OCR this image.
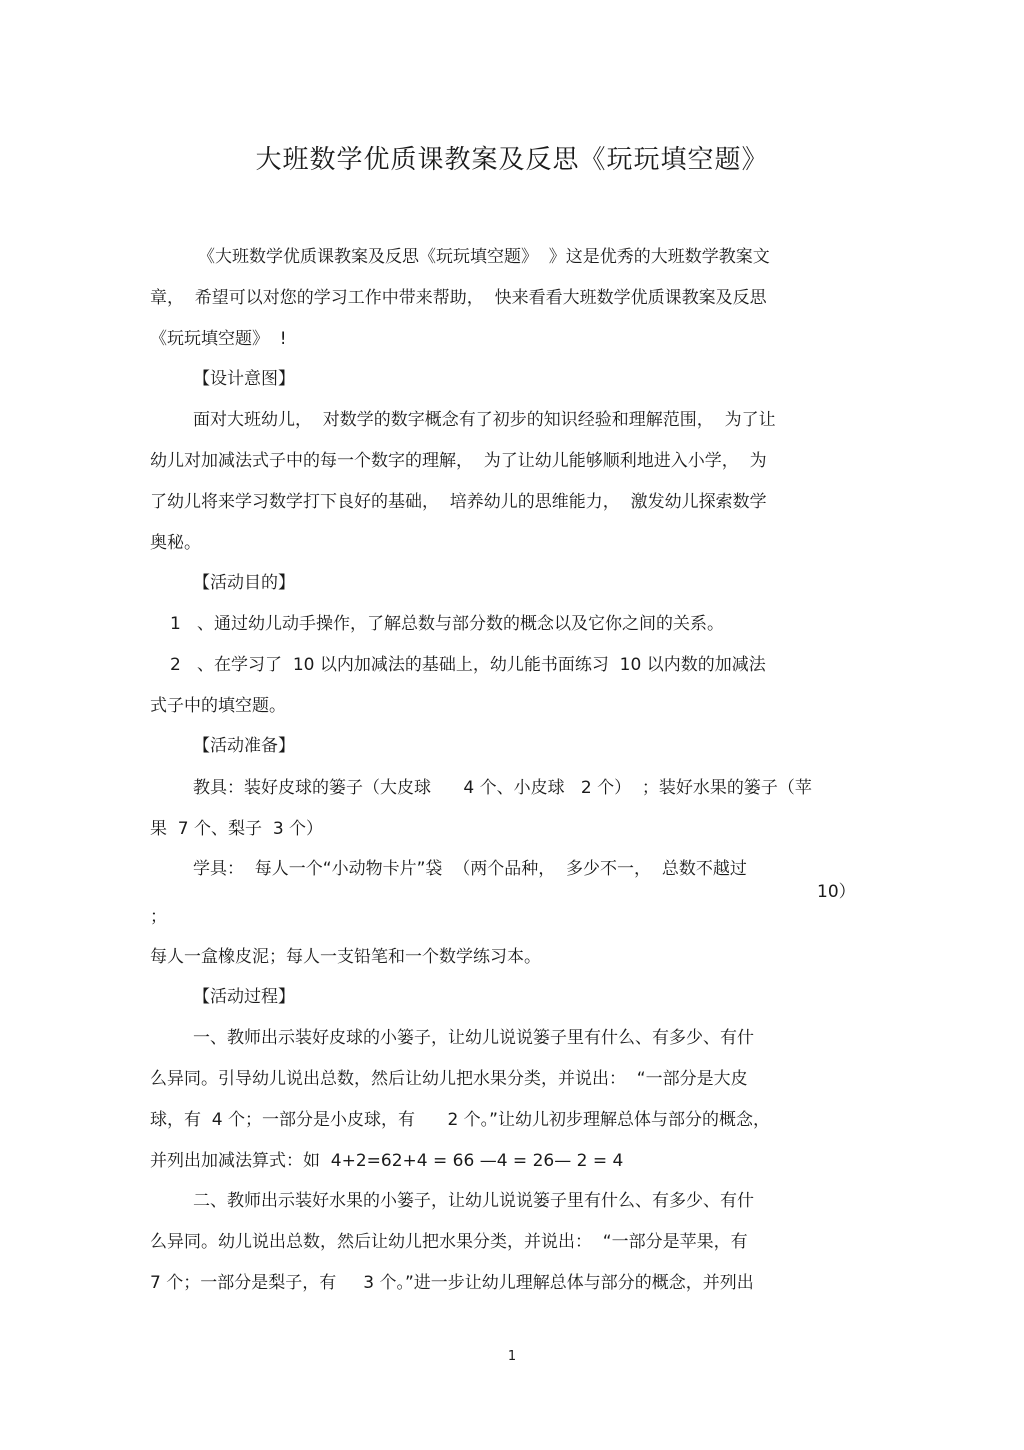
大班数学优质课教案及反思《玩玩填空题》
《大班数学优质课教案及反思《玩玩填空题》  》这是优秀的大班数学教案文
章，  希望可以对您的学习工作中带来帮助，  快来看看大班数学优质课教案及反思
《玩玩填空题》  !
【设计意图】
面对大班幼儿，  对数学的数字概念有了初步的知识经验和理解范围，  为了让
幼儿对加减法式子中的每一个数字的理解，  为了让幼儿能够顺利地进入小学，  为
了幼儿将来学习数学打下良好的基础，  培养幼儿的思维能力，  激发幼儿探索数学
奥秘。
【活动目的】
1   、通过幼儿动手操作，了解总数与部分数的概念以及它你之间的关系。
2   、在学习了  10 以内加减法的基础上，幼儿能书面练习  10 以内数的加减法
式子中的填空题。
【活动准备】
教具：装好皮球的篓子（大皮球      4 个、小皮球   2 个）  ；装好水果的篓子（苹
果  7 个、梨子  3 个）
学具：  每人一个“小动物卡片”袋  （两个品种，  多少不一，  总数不越过
10）
；
每人一盒橡皮泥；每人一支铅笔和一个数学练习本。
【活动过程】
一、教师出示装好皮球的小篓子，让幼儿说说篓子里有什么、有多少、有什
么异同。引导幼儿说出总数，然后让幼儿把水果分类，并说出：  “一部分是大皮
球，有  4 个；一部分是小皮球，有      2 个。”让幼儿初步理解总体与部分的概念，
并列出加减法算式：如  4+2=62+4 = 66 —4 = 26— 2 = 4
二、教师出示装好水果的小篓子，让幼儿说说篓子里有什么、有多少、有什
么异同。幼儿说出总数，然后让幼儿把水果分类，并说出：  “一部分是苹果，有
7 个；一部分是梨子，有     3 个。”进一步让幼儿理解总体与部分的概念，并列出
1
